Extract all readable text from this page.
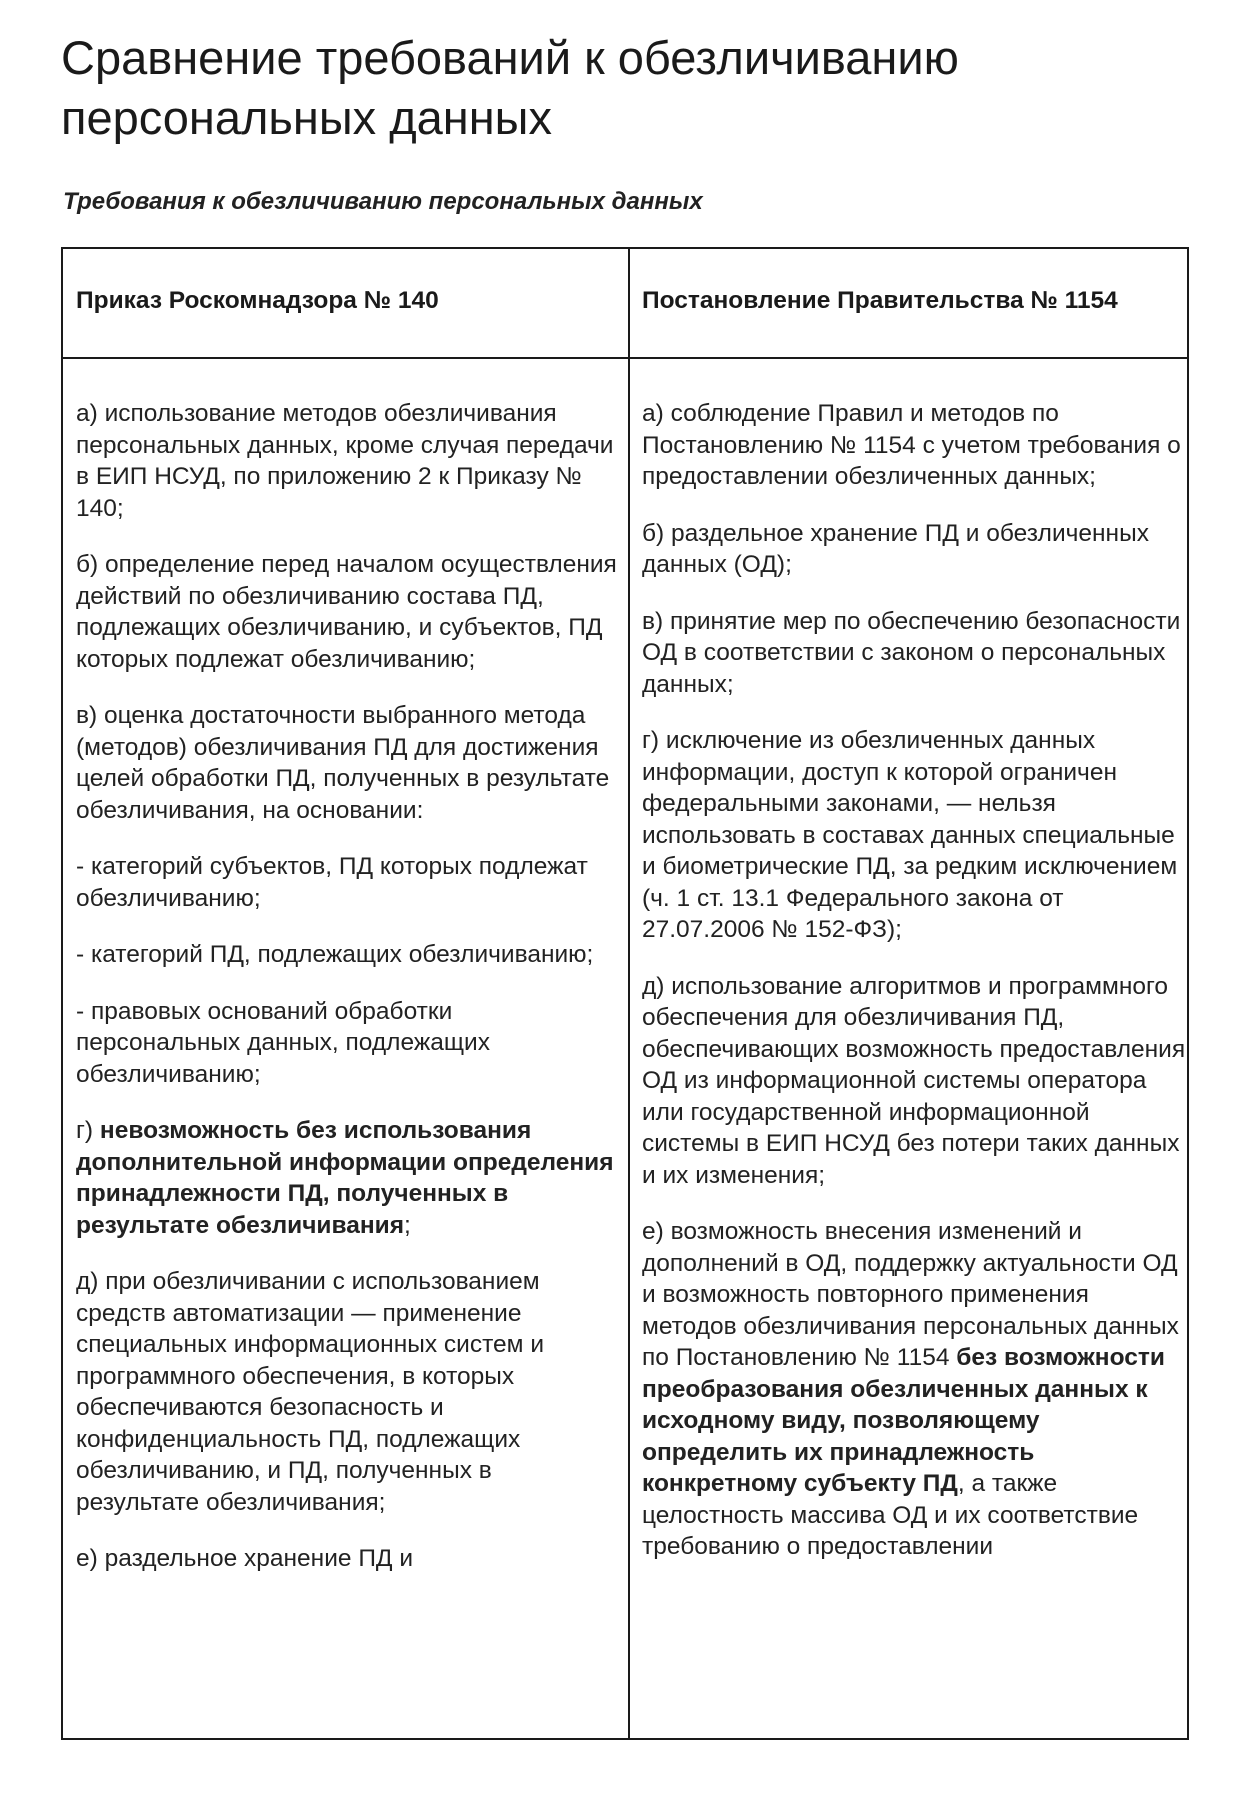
Сравнение требований к обезличиванию персональных данных
Требования к обезличиванию персональных данных
Приказ Роскомнадзора № 140	Постановление Правительства № 1154

а) использование методов обезличивания персональных данных, кроме случая передачи в ЕИП НСУД, по приложению 2 к Приказу № 140;

б) определение перед началом осуществления действий по обезличиванию состава ПД, подлежащих обезличиванию, и субъектов, ПД которых подлежат обезличиванию;

в) оценка достаточности выбранного метода (методов) обезличивания ПД для достижения целей обработки ПД, полученных в результате обезличивания, на основании:

- категорий субъектов, ПД которых подлежат обезличиванию;

- категорий ПД, подлежащих обезличиванию;

- правовых оснований обработки персональных данных, подлежащих обезличиванию;

г) невозможность без использования дополнительной информации определения принадлежности ПД, полученных в результате обезличивания;

д) при обезличивании с использованием средств автоматизации — применение специальных информационных систем и программного обеспечения, в которых обеспечиваются безопасность и конфиденциальность ПД, подлежащих обезличиванию, и ПД, полученных в результате обезличивания;

е) раздельное хранение ПД и

а) соблюдение Правил и методов по Постановлению № 1154 с учетом требования о предоставлении обезличенных данных;

б) раздельное хранение ПД и обезличенных данных (ОД);

в) принятие мер по обеспечению безопасности ОД в соответствии с законом о персональных данных;

г) исключение из обезличенных данных информации, доступ к которой ограничен федеральными законами, — нельзя использовать в составах данных специальные и биометрические ПД, за редким исключением (ч. 1 ст. 13.1 Федерального закона от 27.07.2006 № 152-ФЗ);

д) использование алгоритмов и программного обеспечения для обезличивания ПД, обеспечивающих возможность предоставления ОД из информационной системы оператора или государственной информационной системы в ЕИП НСУД без потери таких данных и их изменения;

е) возможность внесения изменений и дополнений в ОД, поддержку актуальности ОД и возможность повторного применения методов обезличивания персональных данных по Постановлению № 1154 без возможности преобразования обезличенных данных к исходному виду, позволяющему определить их принадлежность конкретному субъекту ПД, а также целостность массива ОД и их соответствие требованию о предоставлении
